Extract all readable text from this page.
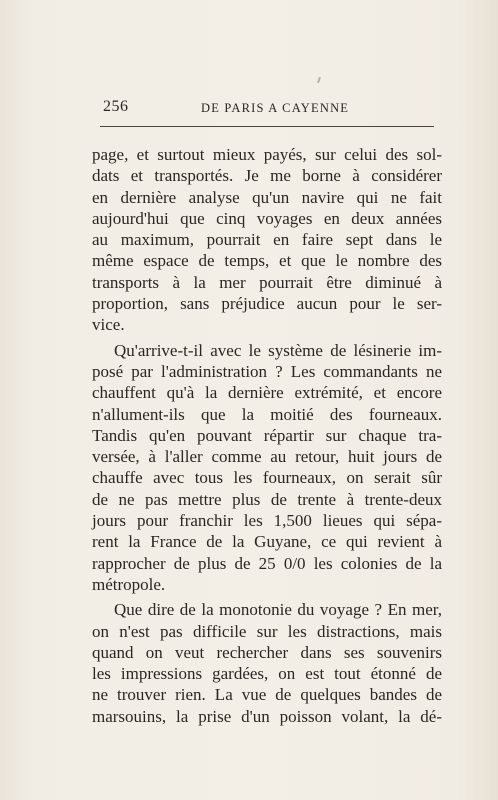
256	DE PARIS A CAYENNE
page, et surtout mieux payés, sur celui des sol-
dats et transportés. Je me borne à considérer
en dernière analyse qu'un navire qui ne fait
aujourd'hui que cinq voyages en deux années
au maximum, pourrait en faire sept dans le
même espace de temps, et que le nombre des
transports à la mer pourrait être diminué à
proportion, sans préjudice aucun pour le ser-
vice.
Qu'arrive-t-il avec le système de lésinerie im-
posé par l'administration ? Les commandants ne
chauffent qu'à la dernière extrémité, et encore
n'allument-ils que la moitié des fourneaux.
Tandis qu'en pouvant répartir sur chaque tra-
versée, à l'aller comme au retour, huit jours de
chauffe avec tous les fourneaux, on serait sûr
de ne pas mettre plus de trente à trente-deux
jours pour franchir les 1,500 lieues qui sépa-
rent la France de la Guyane, ce qui revient à
rapprocher de plus de 25 0/0 les colonies de la
métropole.
Que dire de la monotonie du voyage ? En mer,
on n'est pas difficile sur les distractions, mais
quand on veut rechercher dans ses souvenirs
les impressions gardées, on est tout étonné de
ne trouver rien. La vue de quelques bandes de
marsouins, la prise d'un poisson volant, la dé-
